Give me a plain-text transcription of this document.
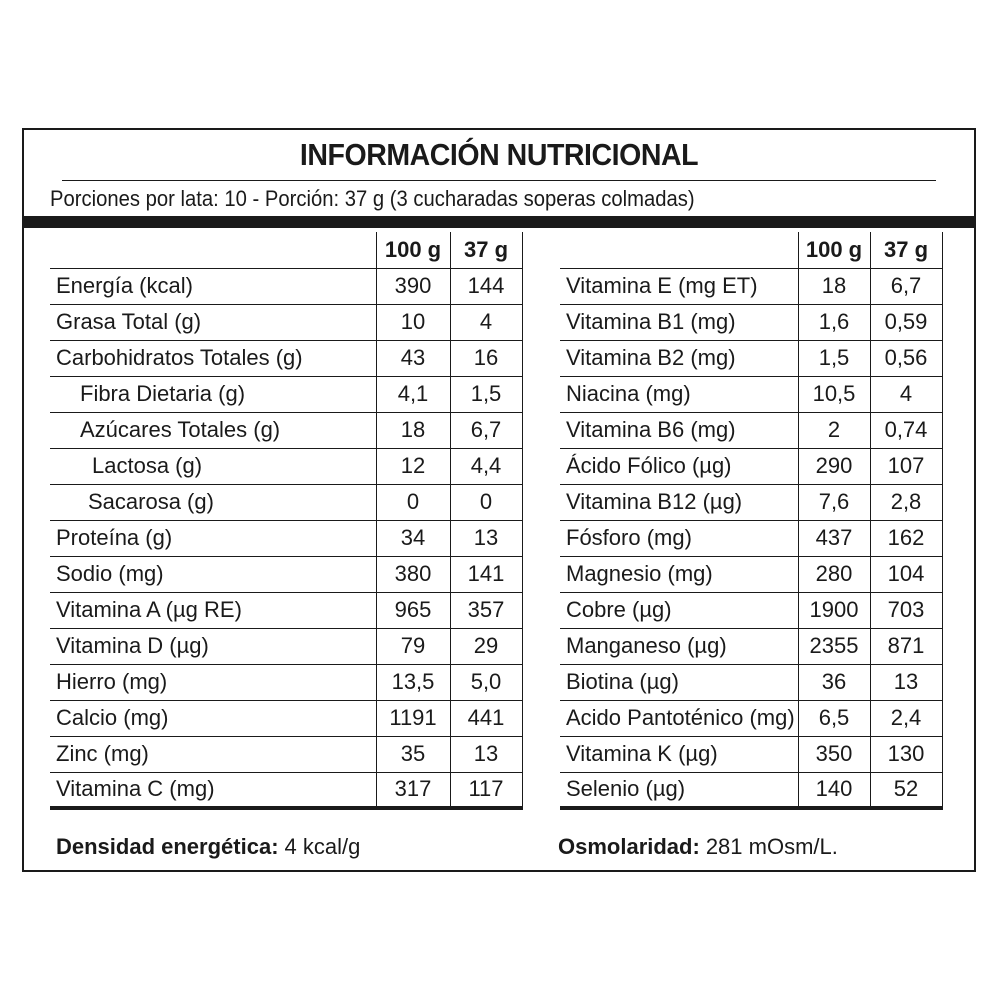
INFORMACIÓN NUTRICIONAL
Porciones por lata: 10 - Porción: 37 g (3 cucharadas soperas colmadas)
	100 g	37 g
Energía (kcal)	390	144
Grasa Total (g)	10	4
Carbohidratos Totales (g)	43	16
Fibra Dietaria (g)	4,1	1,5
Azúcares Totales (g)	18	6,7
Lactosa (g)	12	4,4
Sacarosa (g)	0	0
Proteína (g)	34	13
Sodio (mg)	380	141
Vitamina A (µg RE)	965	357
Vitamina D (µg)	79	29
Hierro (mg)	13,5	5,0
Calcio (mg)	1191	441
Zinc (mg)	35	13
Vitamina C (mg)	317	117
	100 g	37 g
Vitamina E (mg ET)	18	6,7
Vitamina B1 (mg)	1,6	0,59
Vitamina B2 (mg)	1,5	0,56
Niacina (mg)	10,5	4
Vitamina B6 (mg)	2	0,74
Ácido Fólico (µg)	290	107
Vitamina B12 (µg)	7,6	2,8
Fósforo (mg)	437	162
Magnesio (mg)	280	104
Cobre (µg)	1900	703
Manganeso (µg)	2355	871
Biotina (µg)	36	13
Acido Pantoténico (mg)	6,5	2,4
Vitamina K (µg)	350	130
Selenio (µg)	140	52
Densidad energética: 4 kcal/g	Osmolaridad: 281 mOsm/L.
